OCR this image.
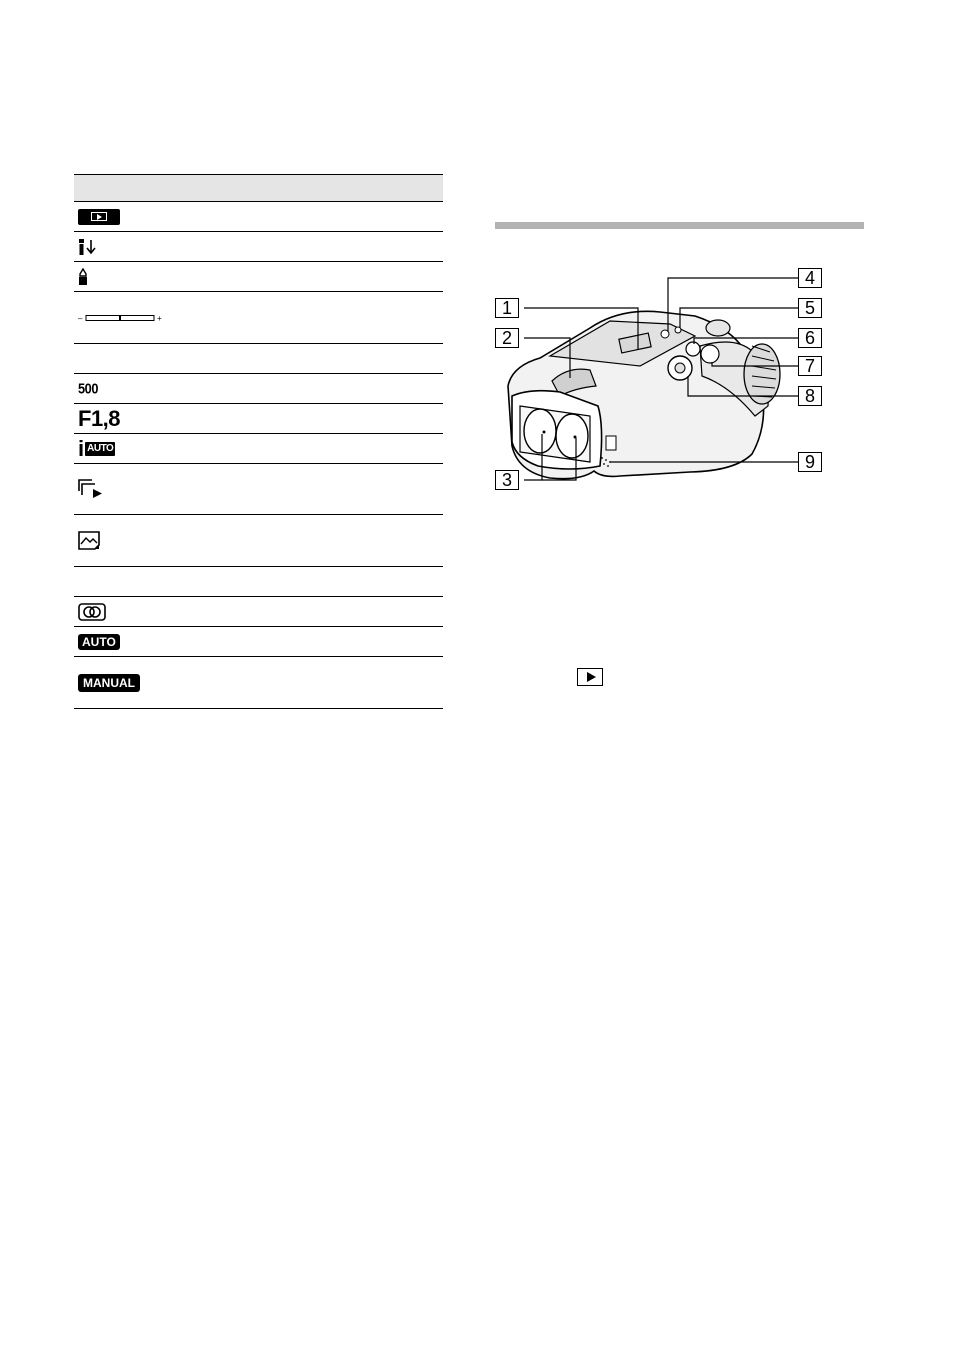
–	+
500
F1,8
i AUTO
AUTO
MANUAL
1
2
3
4
5
6
7
8
9
